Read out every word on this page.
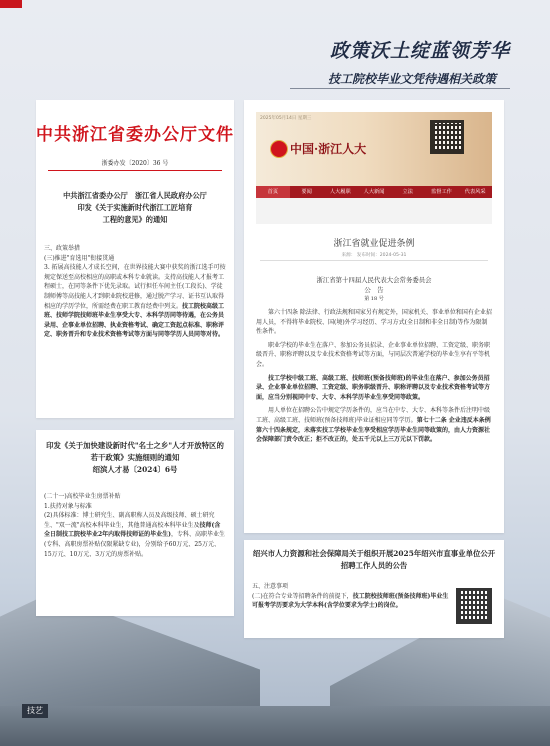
技艺
政策沃土绽蓝领芳华
技工院校毕业文凭待遇相关政策
中共浙江省委办公厅文件
浙委办发〔2020〕36 号
中共浙江省委办公厅　浙江省人民政府办公厅
印发《关于实施新时代浙江工匠培育
工程的意见》的通知

三、政策举措

(三)推进"育选用"衔接贯通

3. 拓展高技能人才成长空间，在世界技能大赛中获奖的浙江选手可按规定保送至高校相应的高职或本科专业就读。支持高技能人才报考工程硕士，在同等条件下优先录取。试行担任车间主任(工段长)、学徒制师傅等高技能人才到职业院校进修，通过脱产学习、证书互认取得相应的学历学位，所需经费在职工教育经费中列支。技工院校高级工班、技师学院技师班毕业生享受大专、本科学历同等待遇，在公务员录用、企事业单位招聘、执业资格考试、确定工资起点标准、职称评定、职务晋升和专业技术资格考试等方面与同等学历人员同等对待。

印发《关于加快建设新时代"名士之乡"人才开放特区的若干政策》实施细则的通知
绍滨人才易〔2024〕6号

(二十一)高校毕业生房票补贴

1.扶持对象与标准

(2)具体标准：博士研究生、副高职称人员及高级技师、硕士研究生、"双一流"高校本科毕业生，其他普通高校本科毕业生及技师(含全日制技工院校毕业2年内取得技师证的毕业生)，专科、高职毕业生(专科、高职房票补贴仅限紧缺专业)，分别给予60万元、25万元、15万元、10万元、3万元的房票补贴。

2025年05月14日 星期三
中国·浙江人大
首页	要闻	人大履职	人大新闻	立法	监督工作	代表风采
浙江省就业促进条例
来源： 发布时间：2024-05-31
浙江省第十四届人民代表大会常务委员会
公　告
第 18 号

第六十四条 除法律、行政法规和国家另有规定外，国家机关、事业单位和国有企业招用人员，不得将毕业院校、国(境)外学习经历、学习方式(全日制和非全日制)等作为限制性条件。

职业学校的毕业生在落户、参加公务员招录、企业事业单位招聘、工资定级、职务职级晋升、职称评聘以及专业技术资格考试等方面，与同层次普通学校的毕业生享有平等机会。

技工学校中级工班、高级工班、技师班(预备技师班)的毕业生在落户、参加公务员招录、企业事业单位招聘、工资定级、职务职级晋升、职称评聘以及专业技术资格考试等方面，应当分别视同中专、大专、本科学历毕业生享受同等政策。

用人单位在招聘公告中规定学历条件的，应当在中专、大专、本科等条件后注明中级工班、高级工班、技师班(预备技师班)毕业证相应同等学历。第七十二条 企业违反本条例第六十四条规定，未落实技工学校毕业生享受相应学历毕业生同等政策的，由人力资源社会保障部门责令改正；拒不改正的，处五千元以上三万元以下罚款。

绍兴市人力资源和社会保障局关于组织开展2025年绍兴市直事业单位公开招聘工作人员的公告

五、注意事项

(二)在符合专业等招聘条件的前提下，技工院校技师班(预备技师班)毕业生可报考学历要求为大学本科(含学位要求为学士)的岗位。
